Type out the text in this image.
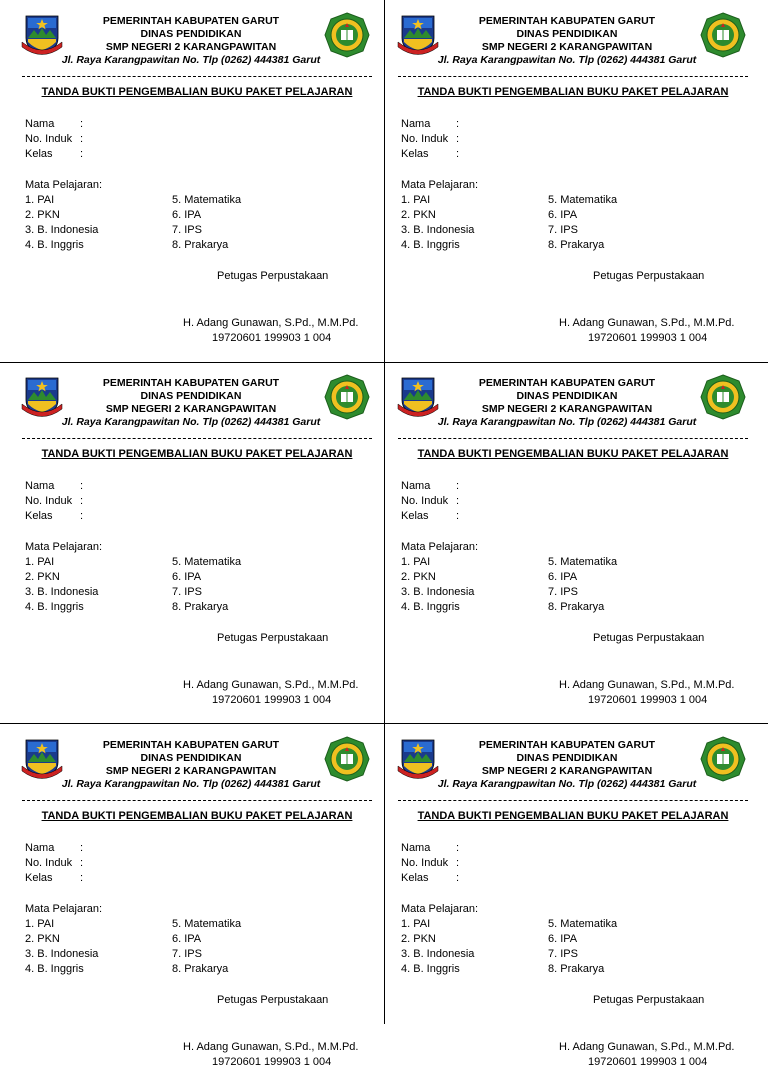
PEMERINTAH KABUPATEN GARUT
DINAS PENDIDIKAN
SMP NEGERI 2 KARANGPAWITAN
Jl. Raya Karangpawitan No. Tlp (0262) 444381 Garut
TANDA BUKTI PENGEMBALIAN BUKU PAKET PELAJARAN
Nama :
No. Induk :
Kelas :
Mata Pelajaran:
1. PAI
2. PKN
3. B. Indonesia
4. B. Inggris
5. Matematika
6. IPA
7. IPS
8. Prakarya
Petugas Perpustakaan
H. Adang Gunawan, S.Pd., M.M.Pd.
19720601 199903 1 004
PEMERINTAH KABUPATEN GARUT
DINAS PENDIDIKAN
SMP NEGERI 2 KARANGPAWITAN
Jl. Raya Karangpawitan No. Tlp (0262) 444381 Garut
TANDA BUKTI PENGEMBALIAN BUKU PAKET PELAJARAN
Nama :
No. Induk :
Kelas :
Mata Pelajaran:
1. PAI
2. PKN
3. B. Indonesia
4. B. Inggris
5. Matematika
6. IPA
7. IPS
8. Prakarya
Petugas Perpustakaan
H. Adang Gunawan, S.Pd., M.M.Pd.
19720601 199903 1 004
PEMERINTAH KABUPATEN GARUT
DINAS PENDIDIKAN
SMP NEGERI 2 KARANGPAWITAN
Jl. Raya Karangpawitan No. Tlp (0262) 444381 Garut
TANDA BUKTI PENGEMBALIAN BUKU PAKET PELAJARAN
Nama :
No. Induk :
Kelas :
Mata Pelajaran:
1. PAI
2. PKN
3. B. Indonesia
4. B. Inggris
5. Matematika
6. IPA
7. IPS
8. Prakarya
Petugas Perpustakaan
H. Adang Gunawan, S.Pd., M.M.Pd.
19720601 199903 1 004
PEMERINTAH KABUPATEN GARUT
DINAS PENDIDIKAN
SMP NEGERI 2 KARANGPAWITAN
Jl. Raya Karangpawitan No. Tlp (0262) 444381 Garut
TANDA BUKTI PENGEMBALIAN BUKU PAKET PELAJARAN
Nama :
No. Induk :
Kelas :
Mata Pelajaran:
1. PAI
2. PKN
3. B. Indonesia
4. B. Inggris
5. Matematika
6. IPA
7. IPS
8. Prakarya
Petugas Perpustakaan
H. Adang Gunawan, S.Pd., M.M.Pd.
19720601 199903 1 004
PEMERINTAH KABUPATEN GARUT
DINAS PENDIDIKAN
SMP NEGERI 2 KARANGPAWITAN
Jl. Raya Karangpawitan No. Tlp (0262) 444381 Garut
TANDA BUKTI PENGEMBALIAN BUKU PAKET PELAJARAN
Nama :
No. Induk :
Kelas :
Mata Pelajaran:
1. PAI
2. PKN
3. B. Indonesia
4. B. Inggris
5. Matematika
6. IPA
7. IPS
8. Prakarya
Petugas Perpustakaan
H. Adang Gunawan, S.Pd., M.M.Pd.
19720601 199903 1 004
PEMERINTAH KABUPATEN GARUT
DINAS PENDIDIKAN
SMP NEGERI 2 KARANGPAWITAN
Jl. Raya Karangpawitan No. Tlp (0262) 444381 Garut
TANDA BUKTI PENGEMBALIAN BUKU PAKET PELAJARAN
Nama :
No. Induk :
Kelas :
Mata Pelajaran:
1. PAI
2. PKN
3. B. Indonesia
4. B. Inggris
5. Matematika
6. IPA
7. IPS
8. Prakarya
Petugas Perpustakaan
H. Adang Gunawan, S.Pd., M.M.Pd.
19720601 199903 1 004
